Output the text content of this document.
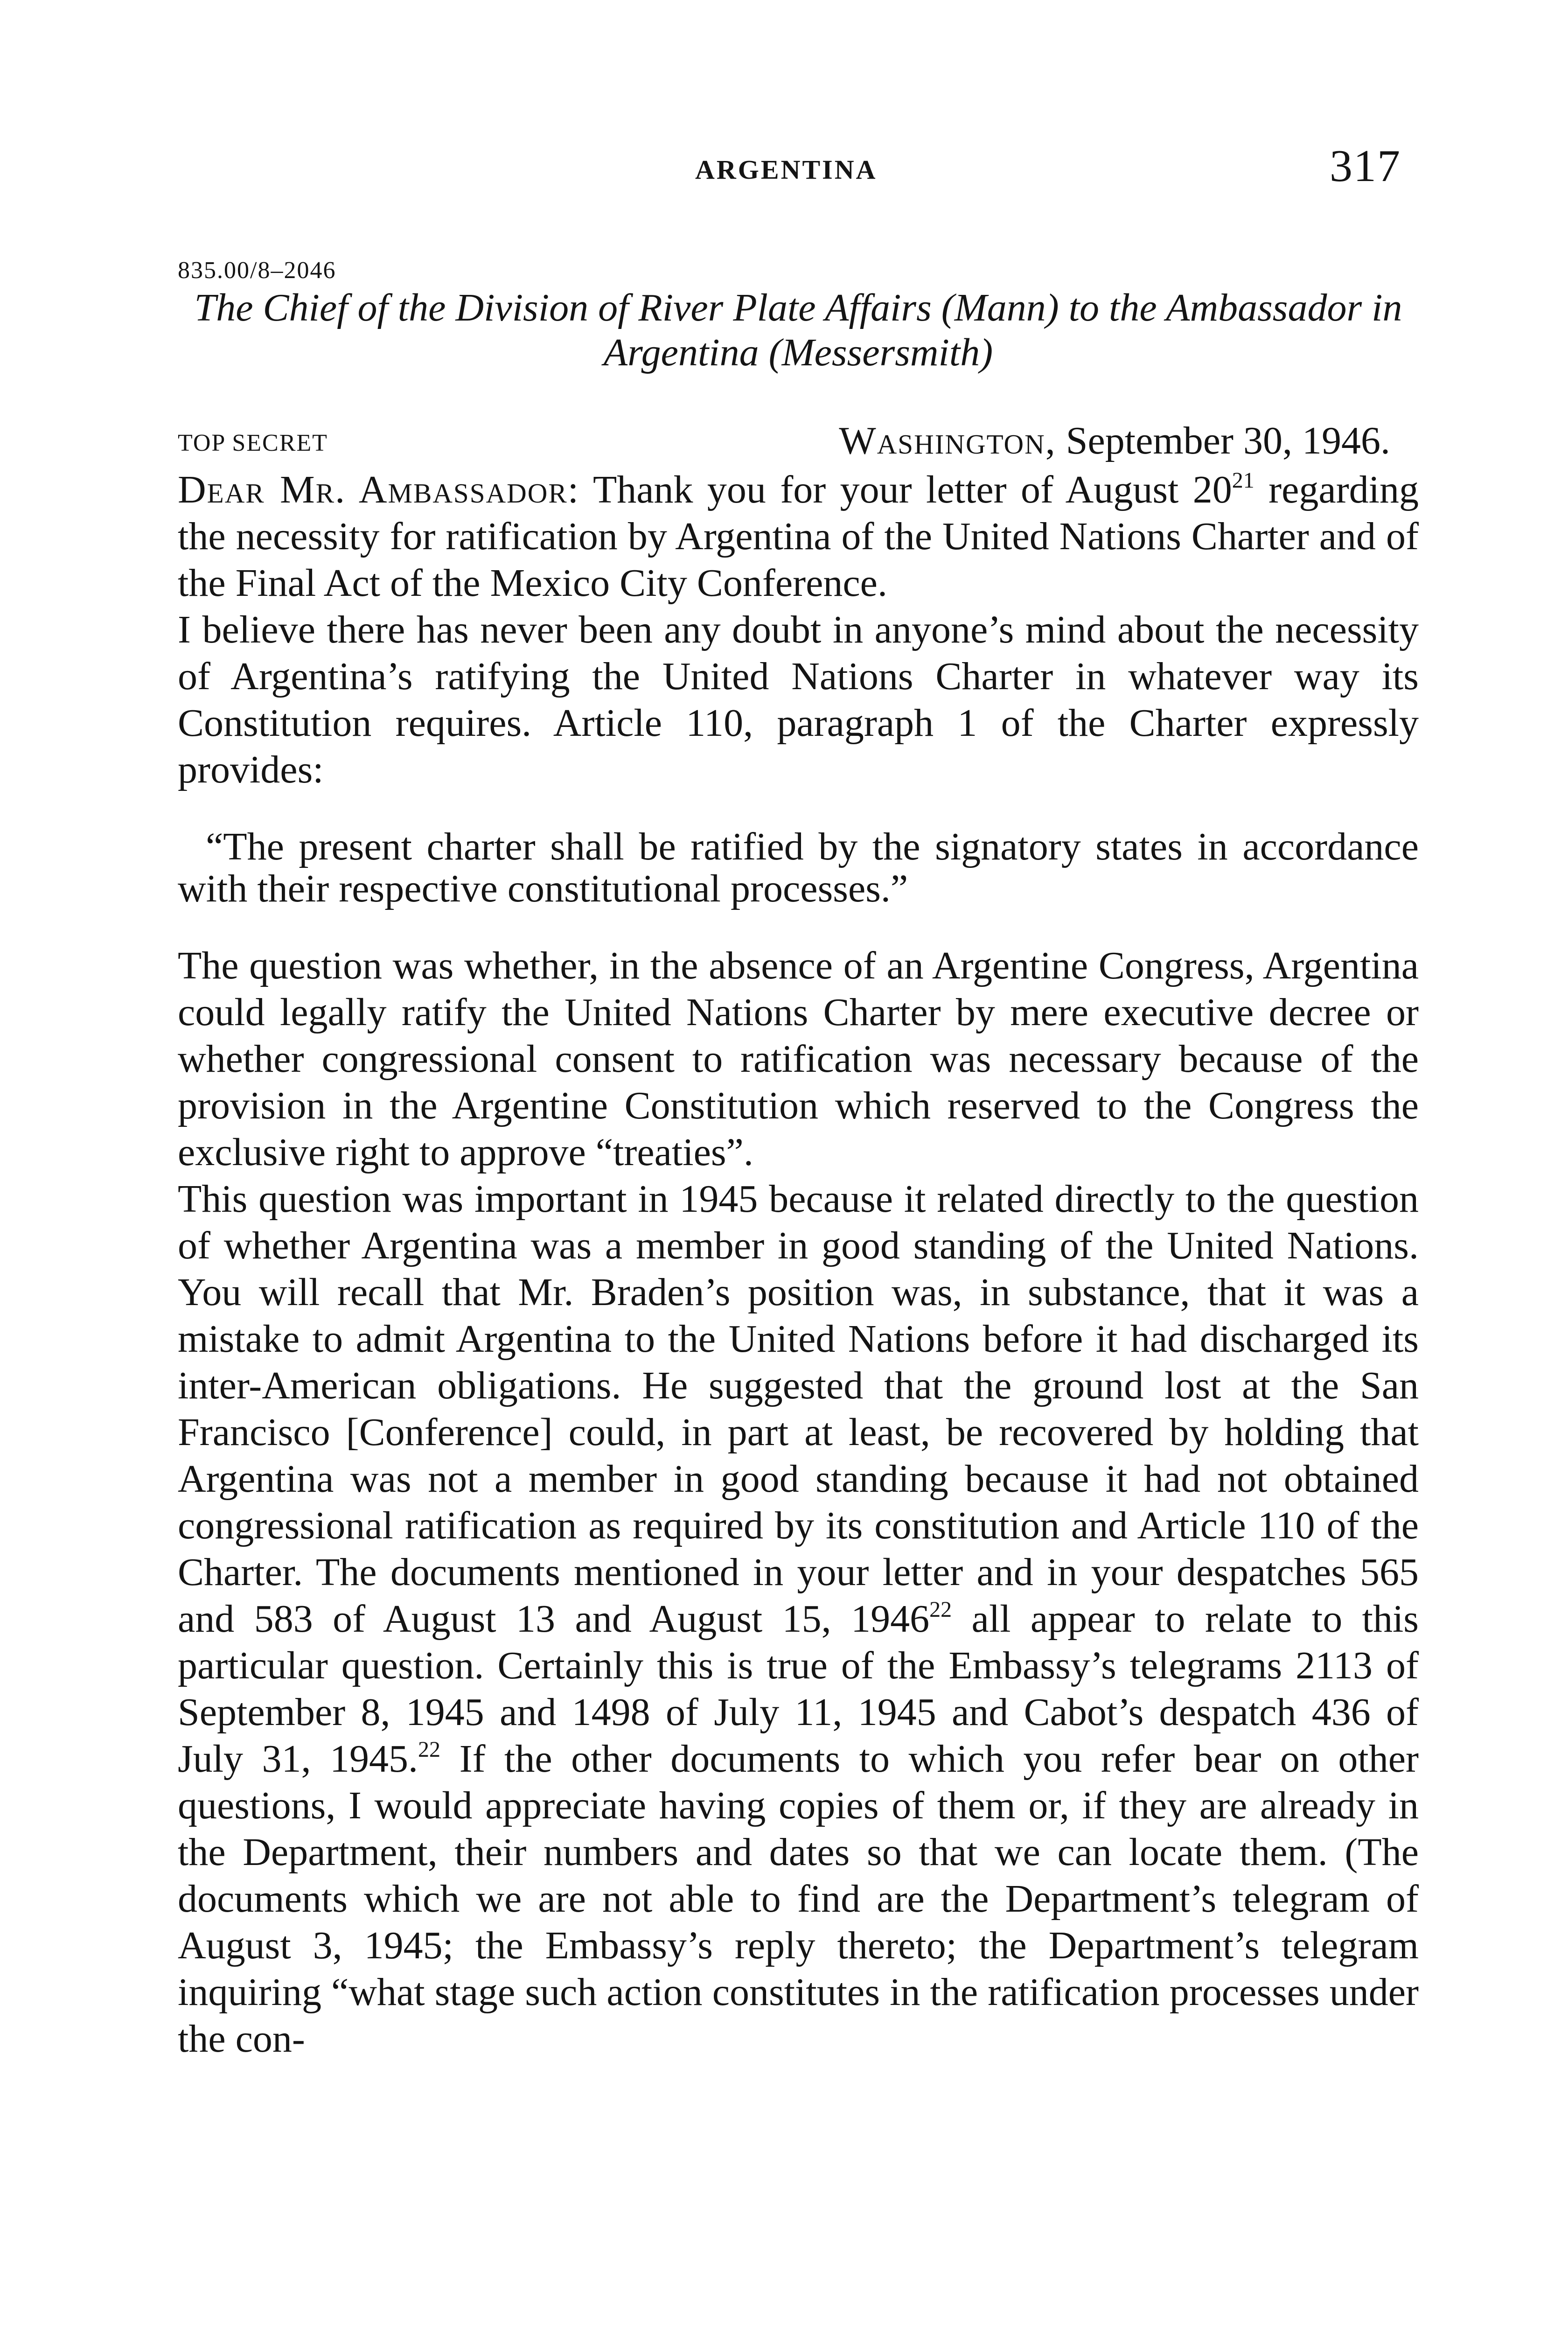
ARGENTINA	317
835.00/8–2046
The Chief of the Division of River Plate Affairs (Mann) to the Ambassador in Argentina (Messersmith)
TOP SECRET	Washington, September 30, 1946.

Dear Mr. Ambassador: Thank you for your letter of August $20^{21}$ regarding the necessity for ratification by Argentina of the United Nations Charter and of the Final Act of the Mexico City Conference.

I believe there has never been any doubt in anyone’s mind about the necessity of Argentina’s ratifying the United Nations Charter in whatever way its Constitution requires. Article 110, paragraph 1 of the Charter expressly provides:

“The present charter shall be ratified by the signatory states in accordance with their respective constitutional processes.”

The question was whether, in the absence of an Argentine Congress, Argentina could legally ratify the United Nations Charter by mere executive decree or whether congressional consent to ratification was necessary because of the provision in the Argentine Constitution which reserved to the Congress the exclusive right to approve “treaties”.

This question was important in 1945 because it related directly to the question of whether Argentina was a member in good standing of the United Nations. You will recall that Mr. Braden’s position was, in substance, that it was a mistake to admit Argentina to the United Nations before it had discharged its inter-American obligations. He suggested that the ground lost at the San Francisco [Conference] could, in part at least, be recovered by holding that Argentina was not a member in good standing because it had not obtained congressional ratification as required by its constitution and Article 110 of the Charter. The documents mentioned in your letter and in your despatches 565 and 583 of August 13 and August 15, 1946$^{22}$ all appear to relate to this particular question. Certainly this is true of the Embassy’s telegrams 2113 of September 8, 1945 and 1498 of July 11, 1945 and Cabot’s despatch 436 of July 31, 1945.22 If the other documents to which you refer bear on other questions, I would appreciate having copies of them or, if they are already in the Department, their numbers and dates so that we can locate them. (The documents which we are not able to find are the Department’s telegram of August 3, 1945; the Embassy’s reply thereto; the Department’s telegram inquiring “what stage such action constitutes in the ratification processes under the con-
